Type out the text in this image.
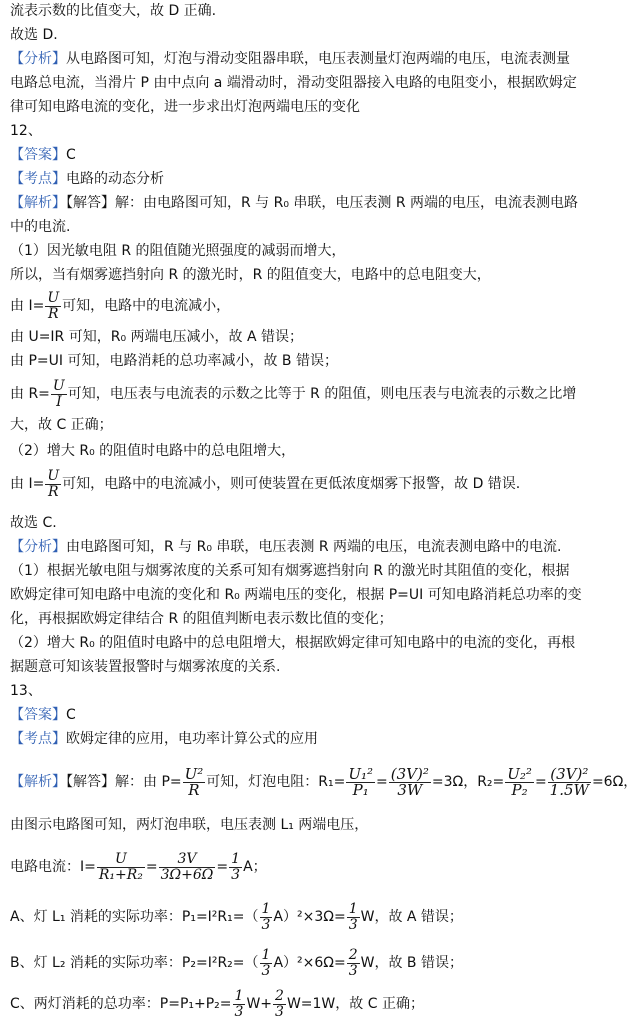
流表示数的比值变大，故 D 正确.
故选 D.
【分析】从电路图可知，灯泡与滑动变阻器串联，电压表测量灯泡两端的电压，电流表测量
电路总电流，当滑片 P 由中点向 a 端滑动时，滑动变阻器接入电路的电阻变小，根据欧姆定
律可知电路电流的变化，进一步求出灯泡两端电压的变化
12、
【答案】C
【考点】电路的动态分析
【解析】【解答】解：由电路图可知，R 与 R₀ 串联，电压表测 R 两端的电压，电流表测电路
中的电流.
（1）因光敏电阻 R 的阻值随光照强度的减弱而增大，
所以，当有烟雾遮挡射向 R 的激光时，R 的阻值变大，电路中的总电阻变大，
由 $I= \frac{U}{R}$ 可知，电路中的电流减小，
由 U=IR 可知，R₀ 两端电压减小，故 A 错误；
由 P=UI 可知，电路消耗的总功率减小，故 B 错误；
由 $R= \frac{U}{I}$ 可知，电压表与电流表的示数之比等于 R 的阻值，则电压表与电流表的示数之比增
大，故 C 正确；
（2）增大 R₀ 的阻值时电路中的总电阻增大，
由 $I= \frac{U}{R}$ 可知，电路中的电流减小，则可使装置在更低浓度烟雾下报警，故 D 错误.
故选 C.
【分析】由电路图可知，R 与 R₀ 串联，电压表测 R 两端的电压，电流表测电路中的电流.
（1）根据光敏电阻与烟雾浓度的关系可知有烟雾遮挡射向 R 的激光时其阻值的变化，根据
欧姆定律可知电路中电流的变化和 R₀ 两端电压的变化，根据 P=UI 可知电路消耗总功率的变
化，再根据欧姆定律结合 R 的阻值判断电表示数比值的变化；
（2）增大 R₀ 的阻值时电路中的总电阻增大，根据欧姆定律可知电路中的电流的变化，再根
据题意可知该装置报警时与烟雾浓度的关系.
13、
【答案】C
【考点】欧姆定律的应用，电功率计算公式的应用
【解析】【解答】解：由 $P= \frac{\text{U²}}{R}$ 可知，灯泡电阻：$R_1= \frac{\text{U₁²}}{\text{P₁}} = \frac{\text{(3V)²}}{3W} =3\Omega$，$R_2= \frac{\text{U₂²}}{\text{P₂}} = \frac{\text{(3V)²}}{1.5W} =6\Omega$，
由图示电路图可知，两灯泡串联，电压表测 L₁ 两端电压，
电路电流：$I= \frac{U}{\text{R₁+R₂}} = \frac{3V}{3\Omega+6\Omega} = \frac{1}{3}$ A；
A、灯 L₁ 消耗的实际功率：$P_1=I^2R_1=( \frac{1}{3} A)^2\times 3\Omega= \frac{1}{3}$ W，故 A 错误；
B、灯 L₂ 消耗的实际功率：$P_2=I^2R_2=( \frac{1}{3} A)^2\times 6\Omega= \frac{2}{3}$ W，故 B 错误；
C、两灯消耗的总功率：$P=P_1+P_2= \frac{1}{3} W+ \frac{2}{3} W=1W$，故 C 正确；
